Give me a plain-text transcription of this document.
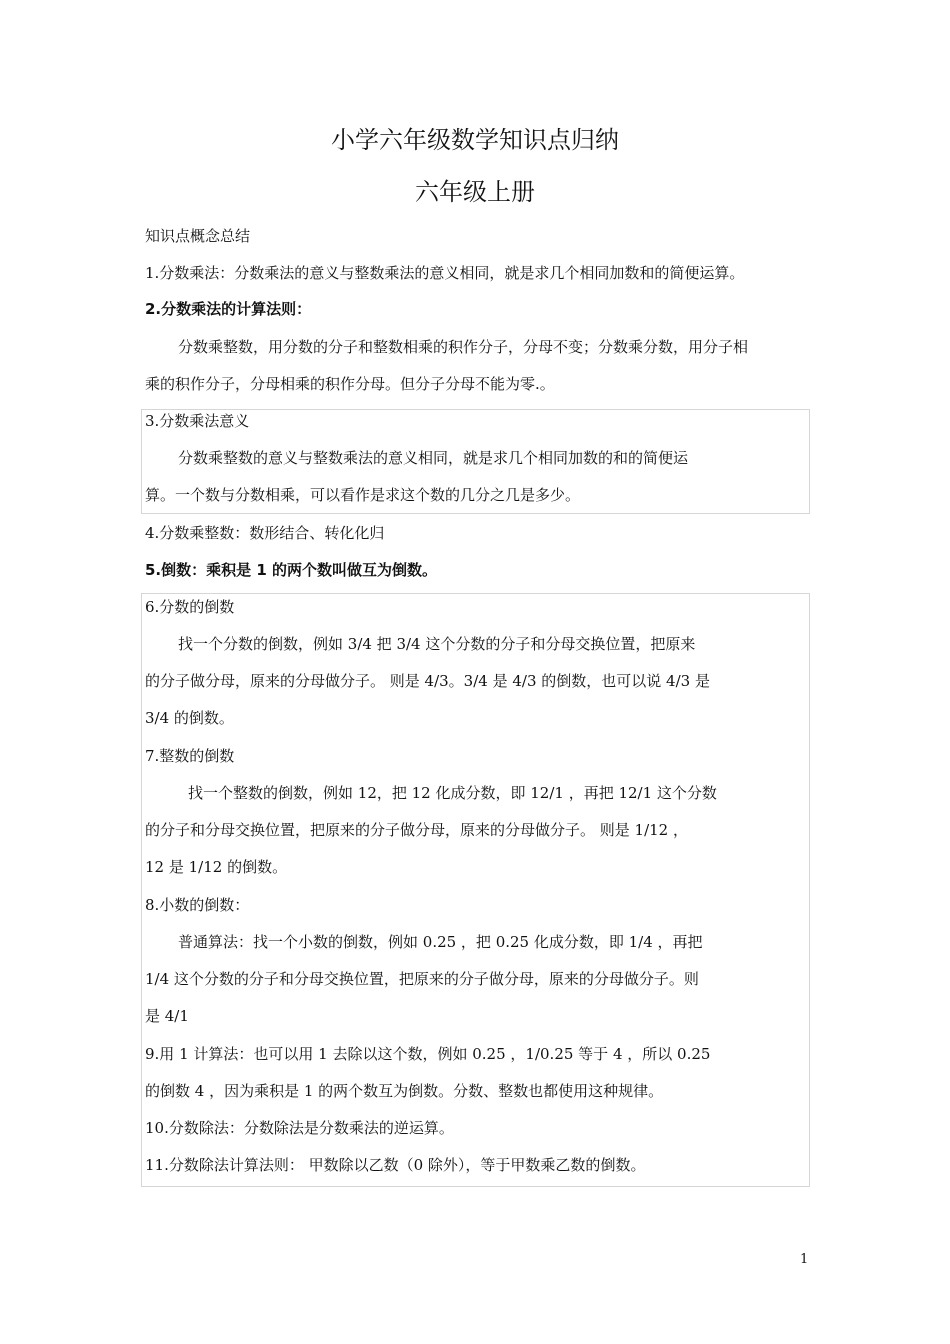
小学六年级数学知识点归纳
六年级上册
知识点概念总结
1.分数乘法：分数乘法的意义与整数乘法的意义相同，就是求几个相同加数和的简便运算。
2.分数乘法的计算法则：
分数乘整数，用分数的分子和整数相乘的积作分子，分母不变；分数乘分数，用分子相
乘的积作分子，分母相乘的积作分母。但分子分母不能为零.。
3.分数乘法意义
分数乘整数的意义与整数乘法的意义相同，就是求几个相同加数的和的简便运
算。一个数与分数相乘，可以看作是求这个数的几分之几是多少。
4.分数乘整数：数形结合、转化化归
5.倒数：乘积是 1 的两个数叫做互为倒数。
6.分数的倒数
找一个分数的倒数，例如 3/4 把 3/4 这个分数的分子和分母交换位置，把原来
的分子做分母，原来的分母做分子。 则是 4/3。3/4 是 4/3 的倒数，也可以说 4/3 是
3/4 的倒数。
7.整数的倒数
找一个整数的倒数，例如 12，把 12 化成分数，即 12/1 ，再把 12/1 这个分数
的分子和分母交换位置，把原来的分子做分母，原来的分母做分子。 则是 1/12 ，
12 是 1/12 的倒数。
8.小数的倒数：
普通算法：找一个小数的倒数，例如 0.25 ，把 0.25 化成分数，即 1/4 ，再把
1/4 这个分数的分子和分母交换位置，把原来的分子做分母，原来的分母做分子。则
是 4/1
9.用 1 计算法：也可以用 1 去除以这个数，例如 0.25 ，1/0.25 等于 4 ，所以 0.25
的倒数 4 ，因为乘积是 1 的两个数互为倒数。分数、整数也都使用这种规律。
10.分数除法：分数除法是分数乘法的逆运算。
11.分数除法计算法则： 甲数除以乙数（0 除外），等于甲数乘乙数的倒数。
1
